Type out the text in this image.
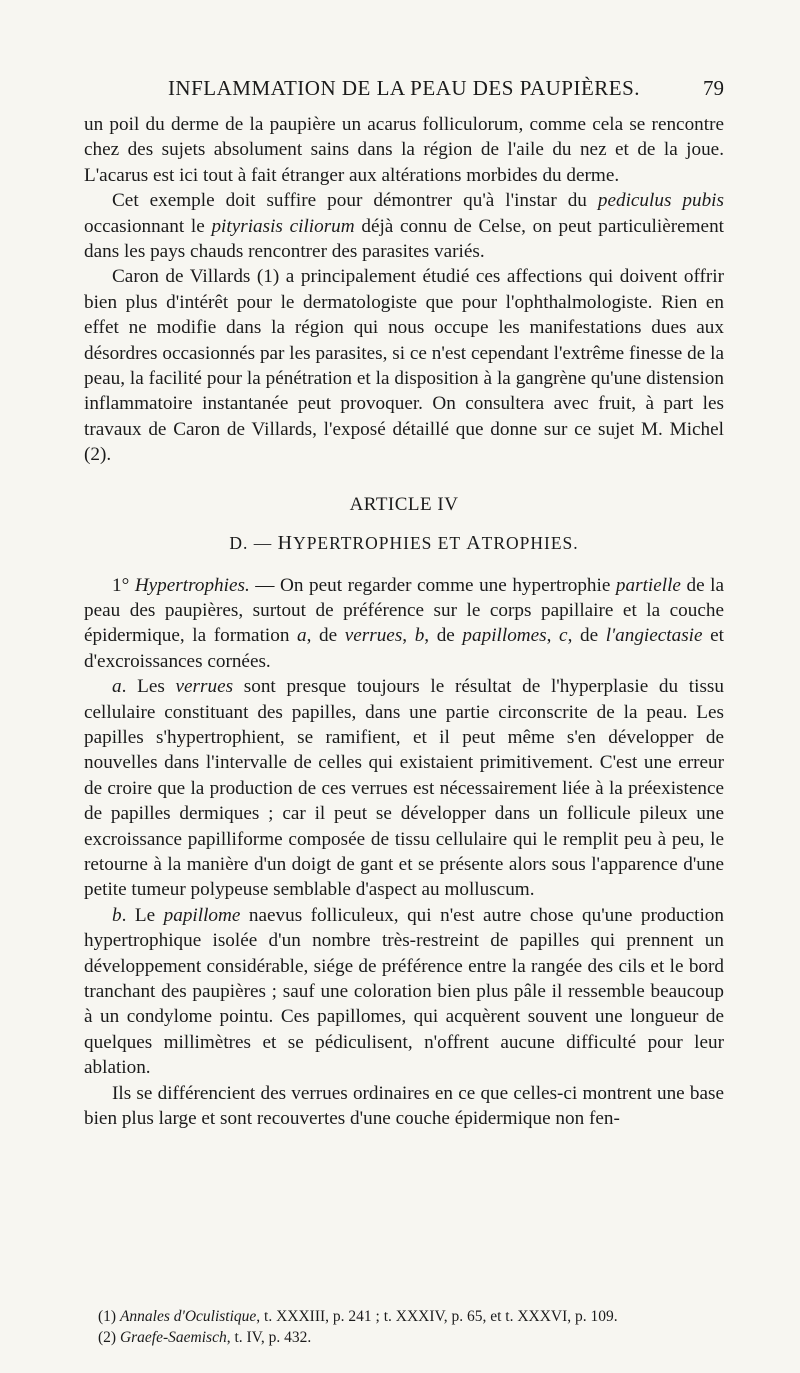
INFLAMMATION DE LA PEAU DES PAUPIÈRES.	79

un poil du derme de la paupière un acarus folliculorum, comme cela se rencontre chez des sujets absolument sains dans la région de l'aile du nez et de la joue. L'acarus est ici tout à fait étranger aux altérations morbides du derme.

Cet exemple doit suffire pour démontrer qu'à l'instar du pediculus pubis occasionnant le pityriasis ciliorum déjà connu de Celse, on peut particulièrement dans les pays chauds rencontrer des parasites variés.

Caron de Villards (1) a principalement étudié ces affections qui doivent offrir bien plus d'intérêt pour le dermatologiste que pour l'ophthalmologiste. Rien en effet ne modifie dans la région qui nous occupe les manifestations dues aux désordres occasionnés par les parasites, si ce n'est cependant l'extrême finesse de la peau, la facilité pour la pénétration et la disposition à la gangrène qu'une distension inflammatoire instantanée peut provoquer. On consultera avec fruit, à part les travaux de Caron de Villards, l'exposé détaillé que donne sur ce sujet M. Michel (2).

ARTICLE IV

D. — HYPERTROPHIES ET ATROPHIES.

1° Hypertrophies. — On peut regarder comme une hypertrophie partielle de la peau des paupières, surtout de préférence sur le corps papillaire et la couche épidermique, la formation a, de verrues, b, de papillomes, c, de l'angiectasie et d'excroissances cornées.

a. Les verrues sont presque toujours le résultat de l'hyperplasie du tissu cellulaire constituant des papilles, dans une partie circonscrite de la peau. Les papilles s'hypertrophient, se ramifient, et il peut même s'en développer de nouvelles dans l'intervalle de celles qui existaient primitivement. C'est une erreur de croire que la production de ces verrues est nécessairement liée à la préexistence de papilles dermiques ; car il peut se développer dans un follicule pileux une excroissance papilliforme composée de tissu cellulaire qui le remplit peu à peu, le retourne à la manière d'un doigt de gant et se présente alors sous l'apparence d'une petite tumeur polypeuse semblable d'aspect au molluscum.

b. Le papillome naevus folliculeux, qui n'est autre chose qu'une production hypertrophique isolée d'un nombre très-restreint de papilles qui prennent un développement considérable, siége de préférence entre la rangée des cils et le bord tranchant des paupières ; sauf une coloration bien plus pâle il ressemble beaucoup à un condylome pointu. Ces papillomes, qui acquèrent souvent une longueur de quelques millimètres et se pédiculisent, n'offrent aucune difficulté pour leur ablation.

Ils se différencient des verrues ordinaires en ce que celles-ci montrent une base bien plus large et sont recouvertes d'une couche épidermique non fen-

(1) Annales d'Oculistique, t. XXXIII, p. 241 ; t. XXXIV, p. 65, et t. XXXVI, p. 109.

(2) Graefe-Saemisch, t. IV, p. 432.
